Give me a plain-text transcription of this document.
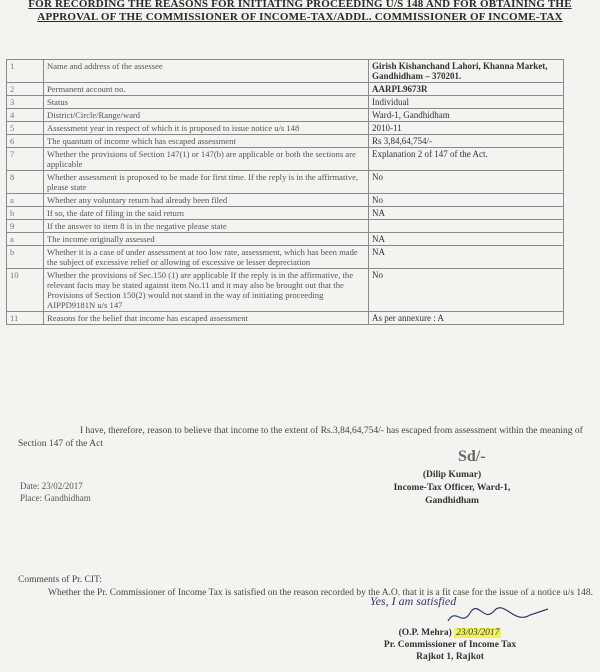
FOR RECORDING THE REASONS FOR INITIATING PROCEEDING U/S 148 AND FOR OBTAINING THE APPROVAL OF THE COMMISSIONER OF INCOME-TAX/ADDL. COMMISSIONER OF INCOME-TAX
1	Name and address of the assessee	Girish Kishanchand Lahori, Khanna Market, Gandhidham – 370201.
2	Permanent account no.	AARPL9673R
3	Status	Individual
4	District/Circle/Range/ward	Ward-1, Gandhidham
5	Assessment year in respect of which it is proposed to issue notice u/s 148	2010-11
6	The quantum of income which has escaped assessment	Rs 3,84,64,754/-
7	Whether the provisions of Section 147(1) or 147(b) are applicable or both the sections are applicable	Explanation 2 of 147 of the Act.
8	Whether assessment is proposed to be made for first time. If the reply is in the affirmative, please state	No
a	Whether any voluntary return had already been filed	No
b	If so, the date of filing in the said return	NA
9	If the answer to item 8 is in the negative please state	
a	The income originally assessed	NA
b	Whether it is a case of under assessment at too low rate, assessment, which has been made the subject of excessive relief or allowing of excessive or lesser depreciation	NA
10	Whether the provisions of Sec.150 (1) are applicable If the reply is in the affirmative, the relevant facts may be stated against item No.11 and it may also be brought out that the Provisions of Section 150(2) would not stand in the way of initiating proceeding AIPPD9181N u/s 147	No
11	Reasons for the belief that income has escaped assessment	As per annexure : A
I have, therefore, reason to believe that income to the extent of Rs.3,84,64,754/- has escaped from assessment within the meaning of Section 147 of the Act
Sd/-

(Dilip Kumar)
Income-Tax Officer, Ward-1,
Gandhidham
Date: 23/02/2017
Place: Gandhidham
Comments of Pr. CIT:
Whether the Pr. Commissioner of Income Tax is satisfied on the reason recorded by the A.O. that it is a fit case for the issue of a notice u/s 148.
Yes, I am satisfied
(O.P. Mehra) 23/03/2017
Pr. Commissioner of Income Tax
Rajkot 1, Rajkot
